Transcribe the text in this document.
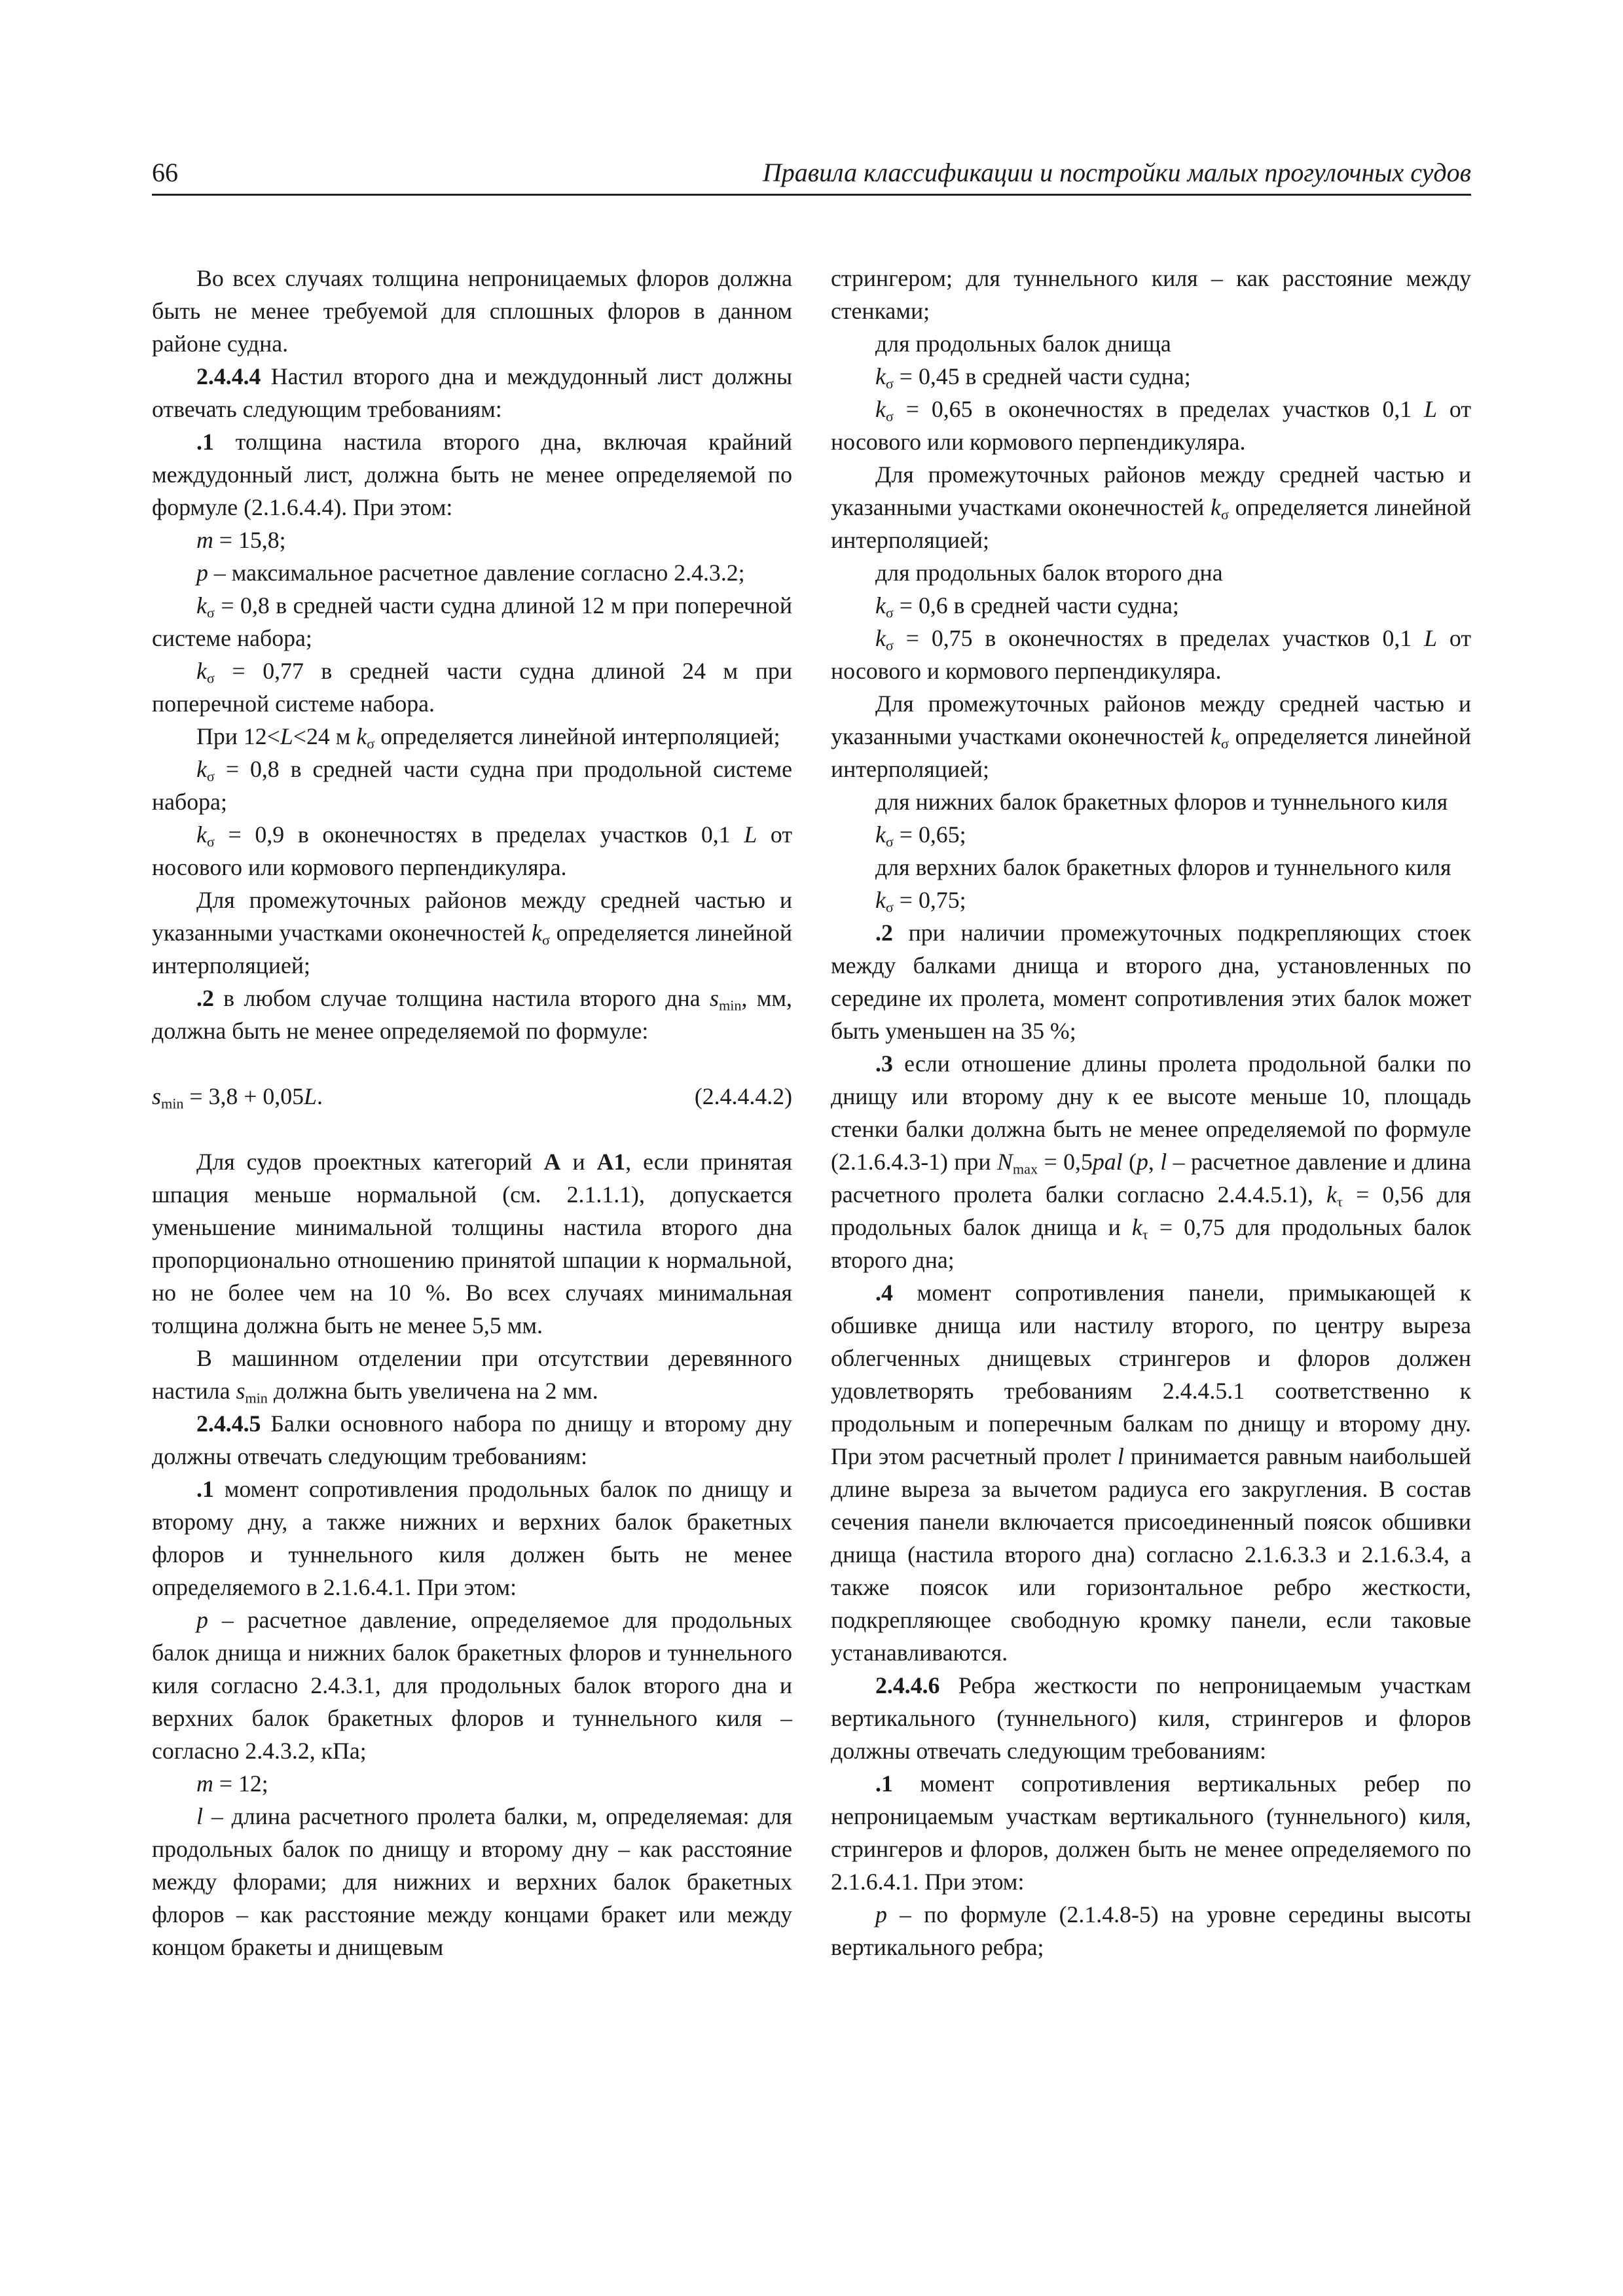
66	Правила классификации и постройки малых прогулочных судов

Во всех случаях толщина непроницаемых флоров должна быть не менее требуемой для сплошных флоров в данном районе судна.

2.4.4.4 Настил второго дна и междудонный лист должны отвечать следующим требованиям:

.1 толщина настила второго дна, включая крайний междудонный лист, должна быть не менее определяемой по формуле (2.1.6.4.4). При этом:

m = 15,8;

p – максимальное расчетное давление согласно 2.4.3.2;

$k_\sigma = 0,8$ в средней части судна длиной 12 м при поперечной системе набора;

$k_\sigma = 0,77$ в средней части судна длиной 24 м при поперечной системе набора.

При 12<L<24 м $k_\sigma$ определяется линейной интерполяцией;

$k_\sigma = 0,8$ в средней части судна при продольной системе набора;

$k_\sigma = 0,9$ в оконечностях в пределах участков 0,1 L от носового или кормового перпендикуляра.

Для промежуточных районов между средней частью и указанными участками оконечностей $k_\sigma$ определяется линейной интерполяцией;

.2 в любом случае толщина настила второго дна $s_{min}$, мм, должна быть не менее определяемой по формуле:

$s_{min} = 3,8 + 0,05L$.	(2.4.4.4.2)

Для судов проектных категорий A и A1, если принятая шпация меньше нормальной (см. 2.1.1.1), допускается уменьшение минимальной толщины настила второго дна пропорционально отношению принятой шпации к нормальной, но не более чем на 10 %. Во всех случаях минимальная толщина должна быть не менее 5,5 мм.

В машинном отделении при отсутствии деревянного настила $s_{min}$ должна быть увеличена на 2 мм.

2.4.4.5 Балки основного набора по днищу и второму дну должны отвечать следующим требованиям:

.1 момент сопротивления продольных балок по днищу и второму дну, а также нижних и верхних балок бракетных флоров и туннельного киля должен быть не менее определяемого в 2.1.6.4.1. При этом:

p – расчетное давление, определяемое для продольных балок днища и нижних балок бракетных флоров и туннельного киля согласно 2.4.3.1, для продольных балок второго дна и верхних балок бракетных флоров и туннельного киля – согласно 2.4.3.2, кПа;

m = 12;

l – длина расчетного пролета балки, м, определяемая: для продольных балок по днищу и второму дну – как расстояние между флорами; для нижних и верхних балок бракетных флоров – как расстояние между концами бракет или между концом бракеты и днищевым

стрингером; для туннельного киля – как расстояние между стенками;

для продольных балок днища

$k_\sigma = 0,45$ в средней части судна;

$k_\sigma = 0,65$ в оконечностях в пределах участков 0,1 L от носового или кормового перпендикуляра.

Для промежуточных районов между средней частью и указанными участками оконечностей $k_\sigma$ определяется линейной интерполяцией;

для продольных балок второго дна

$k_\sigma = 0,6$ в средней части судна;

$k_\sigma = 0,75$ в оконечностях в пределах участков 0,1 L от носового и кормового перпендикуляра.

Для промежуточных районов между средней частью и указанными участками оконечностей $k_\sigma$ определяется линейной интерполяцией;

для нижних балок бракетных флоров и туннельного киля

$k_\sigma = 0,65$;

для верхних балок бракетных флоров и туннельного киля

$k_\sigma = 0,75$;

.2 при наличии промежуточных подкрепляющих стоек между балками днища и второго дна, установленных по середине их пролета, момент сопротивления этих балок может быть уменьшен на 35 %;

.3 если отношение длины пролета продольной балки по днищу или второму дну к ее высоте меньше 10, площадь стенки балки должна быть не менее определяемой по формуле (2.1.6.4.3-1) при $N_{max} = 0,5pal$ (p, l – расчетное давление и длина расчетного пролета балки согласно 2.4.4.5.1), $k_\tau = 0,56$ для продольных балок днища и $k_\tau = 0,75$ для продольных балок второго дна;

.4 момент сопротивления панели, примыкающей к обшивке днища или настилу второго, по центру выреза облегченных днищевых стрингеров и флоров должен удовлетворять требованиям 2.4.4.5.1 соответственно к продольным и поперечным балкам по днищу и второму дну. При этом расчетный пролет l принимается равным наибольшей длине выреза за вычетом радиуса его закругления. В состав сечения панели включается присоединенный поясок обшивки днища (настила второго дна) согласно 2.1.6.3.3 и 2.1.6.3.4, а также поясок или горизонтальное ребро жесткости, подкрепляющее свободную кромку панели, если таковые устанавливаются.

2.4.4.6 Ребра жесткости по непроницаемым участкам вертикального (туннельного) киля, стрингеров и флоров должны отвечать следующим требованиям:

.1 момент сопротивления вертикальных ребер по непроницаемым участкам вертикального (туннельного) киля, стрингеров и флоров, должен быть не менее определяемого по 2.1.6.4.1. При этом:

p – по формуле (2.1.4.8-5) на уровне середины высоты вертикального ребра;
